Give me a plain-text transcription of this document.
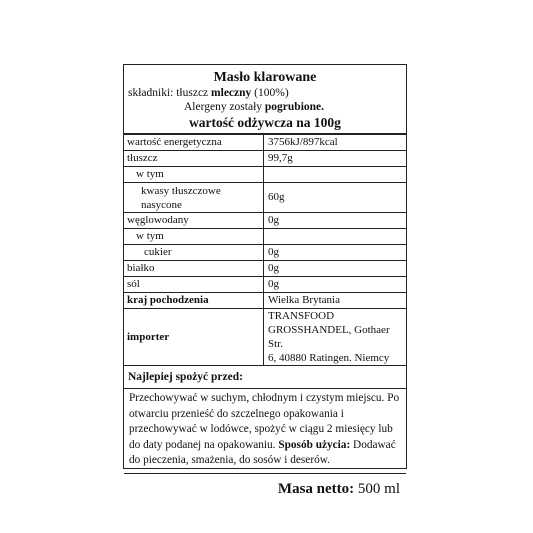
Masło klarowane
składniki: tłuszcz mleczny (100%)
Alergeny zostały pogrubione.
wartość odżywcza na 100g
wartość energetyczna	3756kJ/897kcal
tłuszcz	99,7g
w tym	

kwasy tłuszczowe
nasycone	60g
węglowodany	0g
w tym	
cukier	0g
białko	0g
sól	0g
kraj pochodzenia	Wielka Brytania
importer	TRANSFOOD
GROSSHANDEL, Gothaer Str.
6, 40880 Ratingen. Niemcy
Najlepiej spożyć przed:
Przechowywać w suchym, chłodnym i czystym miejscu. Po otwarciu przenieść do szczelnego opakowania i przechowywać w lodówce, spożyć w ciągu 2 miesięcy lub do daty podanej na opakowaniu. Sposób użycia: Dodawać do pieczenia, smażenia, do sosów i deserów.
Masa netto: 500 ml
